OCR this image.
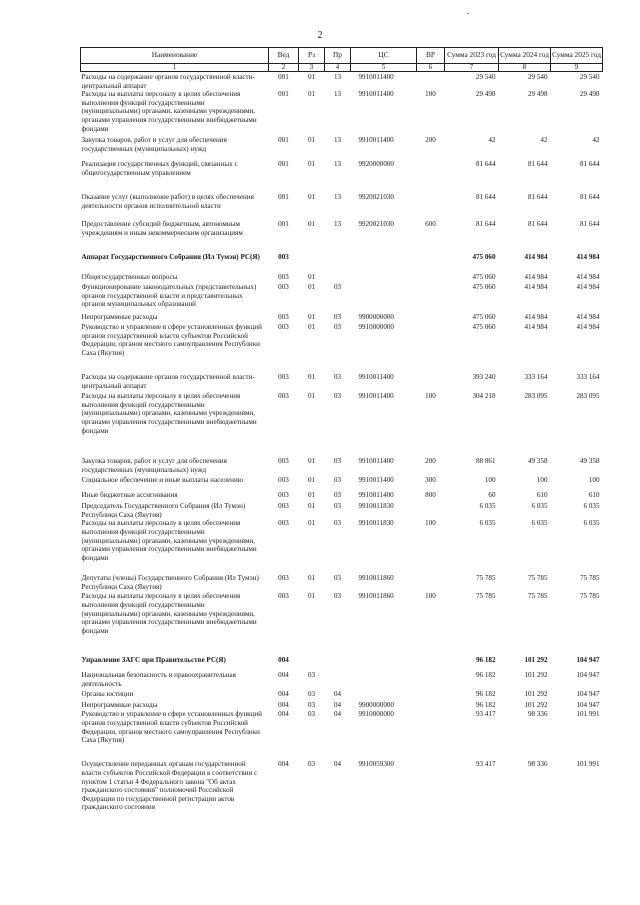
2
Наименование	Вед	Рз	Пр	ЦС	ВР	Сумма 2023 год	Сумма 2024 год	Сумма 2025 год
1	2	3	4	5	6	7	8	9
Расходы на содержание органов государственной власти- центральный аппарат	001	01	13	9910011400		29 540	29 540	29 540
Расходы на выплаты персоналу в целях обеспечения выполнения функций государственными (муниципальными) органами, казенными учреждениями, органами управления государственными внебюджетными фондами	001	01	13	9910011400	100	29 498	29 498	29 498
Закупка товаров, работ и услуг для обеспечения государственных (муниципальных) нужд	001	01	13	9910011400	200	42	42	42
Реализация государственных функций, связанных с общегосударственным управлением	001	01	13	9920000000		81 644	81 644	81 644
Оказание услуг (выполнение работ) в целях обеспечения деятельности органов исполнительной власти	001	01	13	9920021030		81 644	81 644	81 644
Предоставление субсидий бюджетным, автономным учреждениям и иным некоммерческим организациям	001	01	13	9920021030	600	81 644	81 644	81 644
Аппарат Государственного Собрания (Ил Тумэн) РС(Я)	003					475 060	414 984	414 984
Общегосударственные вопросы	003	01				475 060	414 984	414 984
Функционирование законодательных (представительных) органов государственной власти и представительных органов муниципальных образований	003	01	03			475 060	414 984	414 984
Непрограммные расходы	003	01	03	9900000000		475 060	414 984	414 984
Руководство и управление в сфере установленных функций органов государственной власти субъектов Российской Федерации, органов местного самоуправления Республики Саха (Якутия)	003	01	03	9910000000		475 060	414 984	414 984
Расходы на содержание органов государственной власти- центральный аппарат	003	01	03	9910011400		393 240	333 164	333 164
Расходы на выплаты персоналу в целях обеспечения выполнения функций государственными (муниципальными) органами, казенными учреждениями, органами управления государственными внебюджетными фондами	003	01	03	9910011400	100	304 218	283 095	283 095
Закупка товаров, работ и услуг для обеспечения государственных (муниципальных) нужд	003	01	03	9910011400	200	88 861	49 358	49 358
Социальное обеспечение и иные выплаты населению	003	01	03	9910011400	300	100	100	100
Иные бюджетные ассигнования	003	01	03	9910011400	800	60	610	610
Председатель Государственного Собрания (Ил Тумэн) Республики Саха (Якутия)	003	01	03	9910011830		6 035	6 035	6 035
Расходы на выплаты персоналу в целях обеспечения выполнения функций государственными (муниципальными) органами, казенными учреждениями, органами управления государственными внебюджетными фондами	003	01	03	9910011830	100	6 035	6 035	6 035
Депутаты (члены) Государственного Собрания (Ил Тумэн) Республики Саха (Якутия)	003	01	03	9910011860		75 785	75 785	75 785
Расходы на выплаты персоналу в целях обеспечения выполнения функций государственными (муниципальными) органами, казенными учреждениями, органами управления государственными внебюджетными фондами	003	01	03	9910011860	100	75 785	75 785	75 785
Управление ЗАГС при Правительстве РС(Я)	004					96 182	101 292	104 947
Национальная безопасность и правоохранительная деятельность	004	03				96 182	101 292	104 947
Органы юстиции	004	03	04			96 182	101 292	104 947
Непрограммные расходы	004	03	04	9900000000		96 182	101 292	104 947
Руководство и управление в сфере установленных функций органов государственной власти субъектов Российской Федерации, органов местного самоуправления Республики Саха (Якутия)	004	03	04	9910000000		93 417	98 336	101 991
Осуществление переданных органам государственной власти субъектов Российской Федерации в соответствии с пунктом 1 статьи 4 Федерального закона "Об актах гражданского состояния" полномочий Российской Федерации по государственной регистрации актов гражданского состояния	004	03	04	9910059300		93 417	98 336	101 991
